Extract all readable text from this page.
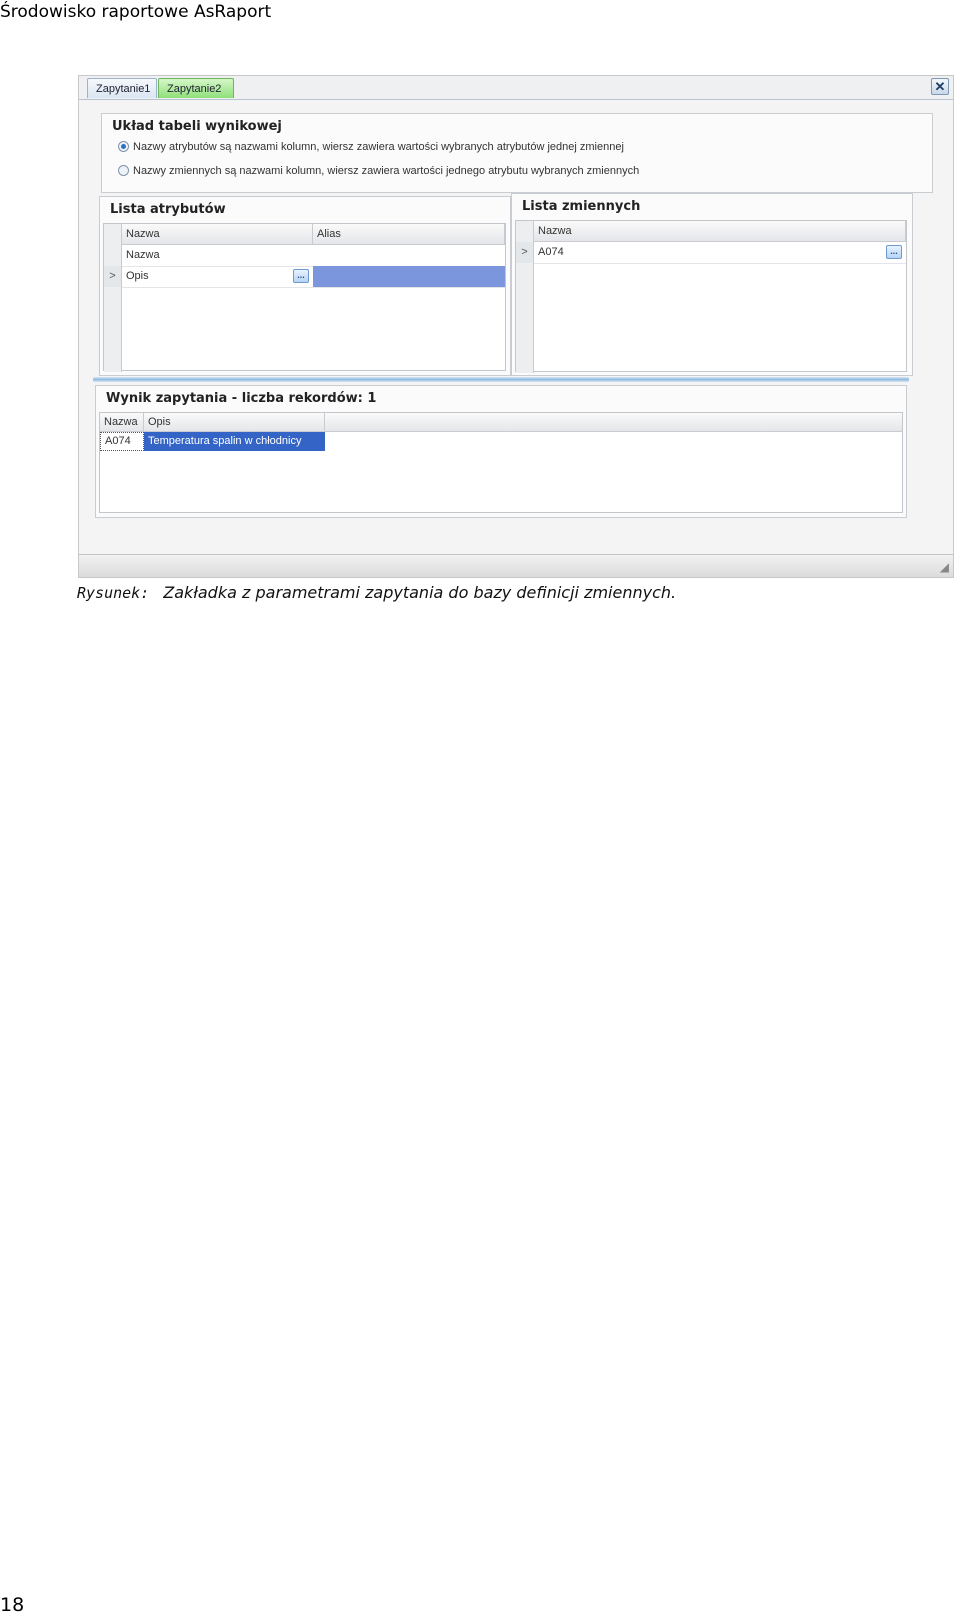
Środowisko raportowe AsRaport
Zapytanie1	Zapytanie2	✕
Układ tabeli wynikowej
Nazwy atrybutów są nazwami kolumn, wiersz zawiera wartości wybranych atrybutów jednej zmiennej
Nazwy zmiennych są nazwami kolumn, wiersz zawiera wartości jednego atrybutu wybranych zmiennych
Lista atrybutów
Nazwa	Alias
Nazwa
> Opis	...
Lista zmiennych
Nazwa
> A074	...
Wynik zapytania - liczba rekordów: 1
Nazwa Opis
A074	Temperatura spalin w chłodnicy atm.
◢
Rysunek: Zakładka z parametrami zapytania do bazy definicji zmiennych.
18
